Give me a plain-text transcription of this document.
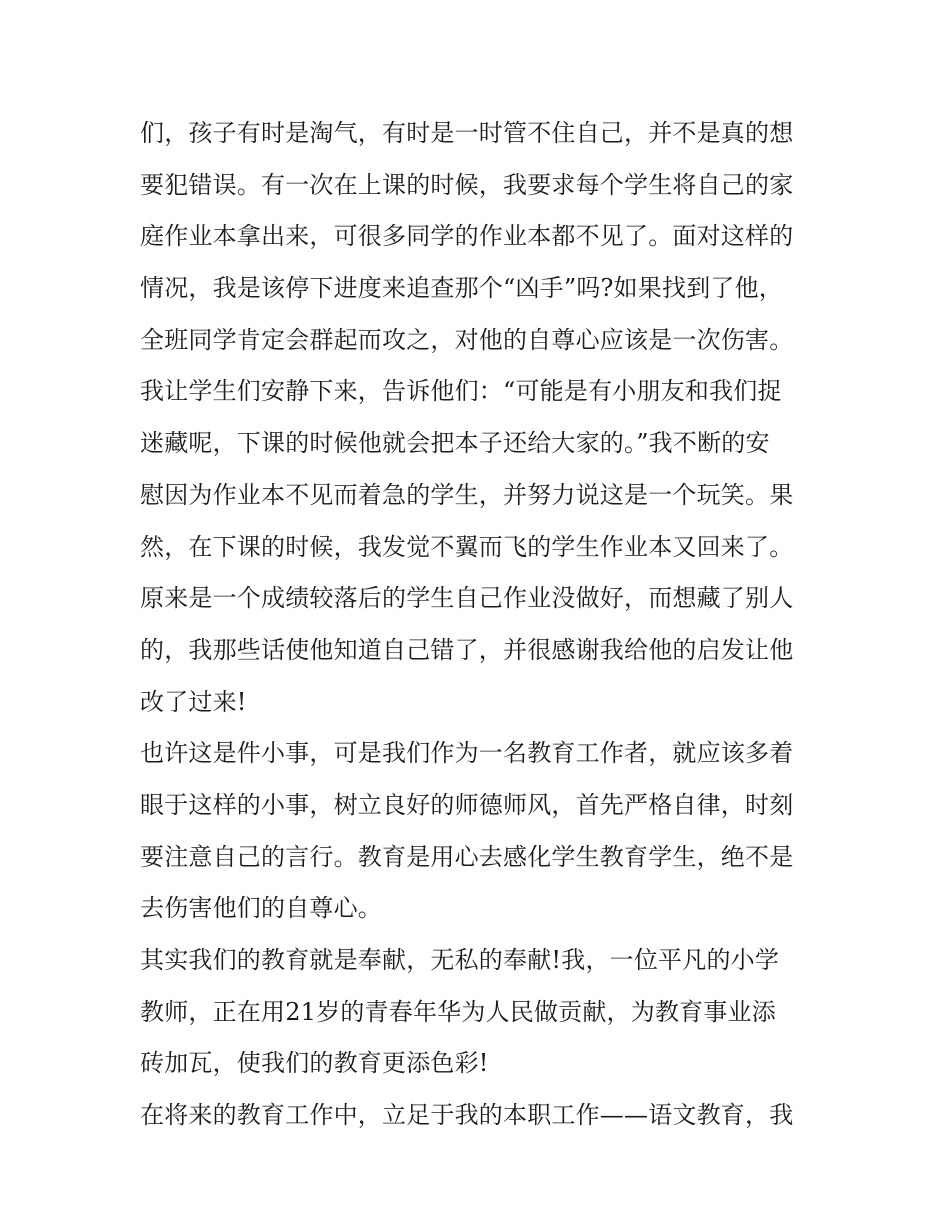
们，孩子有时是淘气，有时是一时管不住自己，并不是真的想
要犯错误。有一次在上课的时候，我要求每个学生将自己的家
庭作业本拿出来，可很多同学的作业本都不见了。面对这样的
情况，我是该停下进度来追查那个“凶手”吗?如果找到了他，
全班同学肯定会群起而攻之，对他的自尊心应该是一次伤害。
我让学生们安静下来，告诉他们：“可能是有小朋友和我们捉
迷藏呢，下课的时候他就会把本子还给大家的。”我不断的安
慰因为作业本不见而着急的学生，并努力说这是一个玩笑。果
然，在下课的时候，我发觉不翼而飞的学生作业本又回来了。
原来是一个成绩较落后的学生自己作业没做好，而想藏了别人
的，我那些话使他知道自己错了，并很感谢我给他的启发让他
改了过来!
也许这是件小事，可是我们作为一名教育工作者，就应该多着
眼于这样的小事，树立良好的师德师风，首先严格自律，时刻
要注意自己的言行。教育是用心去感化学生教育学生，绝不是
去伤害他们的自尊心。
其实我们的教育就是奉献，无私的奉献!我，一位平凡的小学
教师，正在用21岁的青春年华为人民做贡献，为教育事业添
砖加瓦，使我们的教育更添色彩!
在将来的教育工作中，立足于我的本职工作——语文教育，我
